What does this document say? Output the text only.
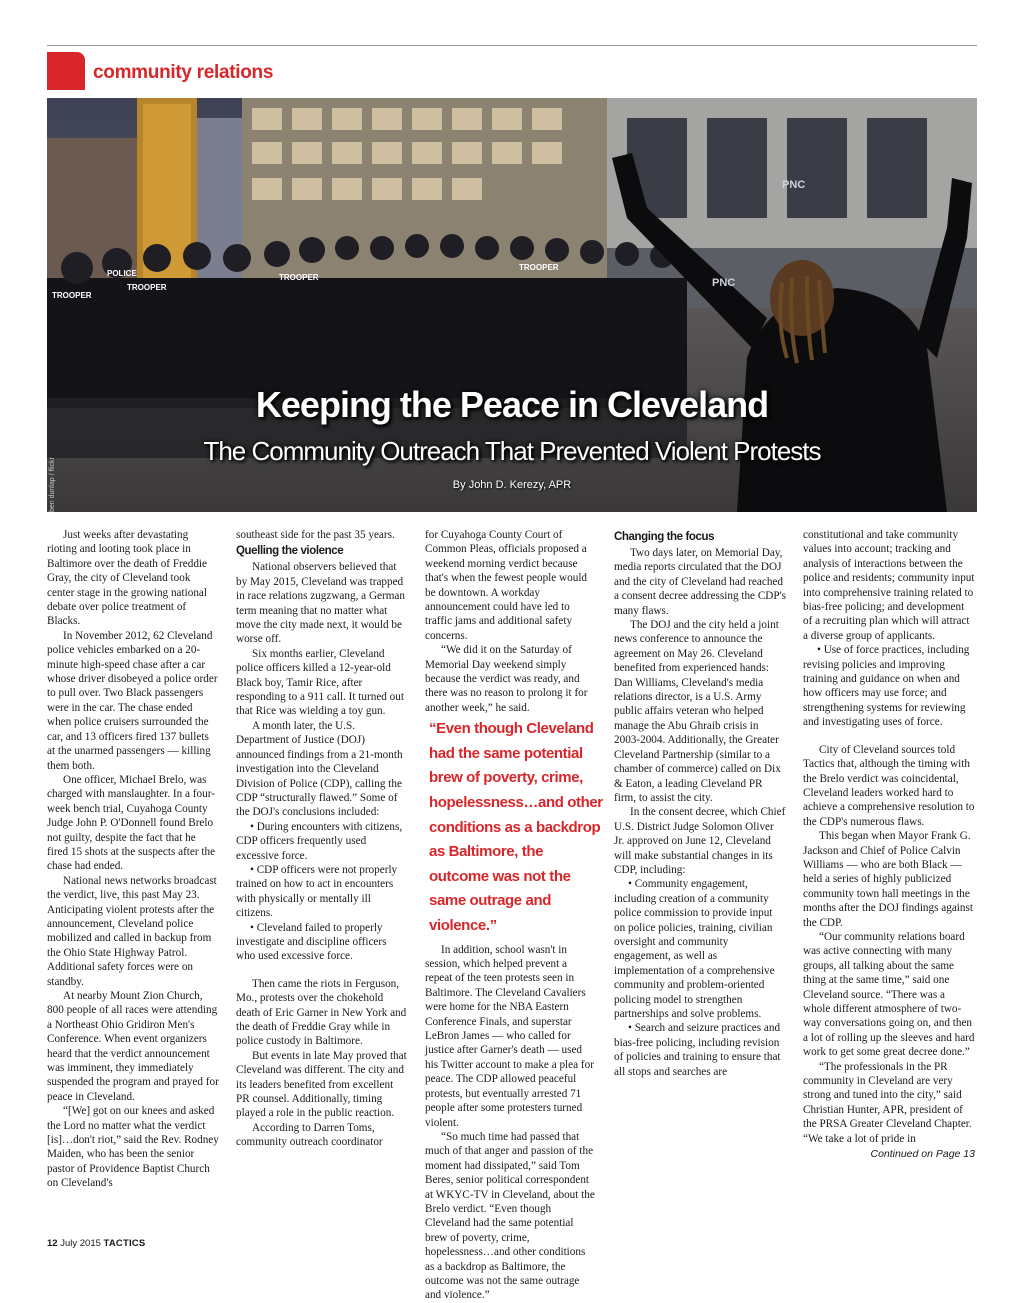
community relations
TROOPER
POLICE
TROOPER
TROOPER
TROOPER
PNC
PNC
Keeping the Peace in Cleveland
The Community Outreach That Prevented Violent Protests
By John D. Kerezy, APR
ben dunlap / flickr

Just weeks after devastating rioting and looting took place in Baltimore over the death of Freddie Gray, the city of Cleveland took center stage in the growing national debate over police treatment of Blacks.

In November 2012, 62 Cleveland police vehicles embarked on a 20-minute high-speed chase after a car whose driver disobeyed a police order to pull over. Two Black passengers were in the car. The chase ended when police cruisers surrounded the car, and 13 officers fired 137 bullets at the unarmed passengers — killing them both.

One officer, Michael Brelo, was charged with manslaughter. In a four-week bench trial, Cuyahoga County Judge John P. O'Donnell found Brelo not guilty, despite the fact that he fired 15 shots at the suspects after the chase had ended.

National news networks broadcast the verdict, live, this past May 23. Anticipating violent protests after the announcement, Cleveland police mobilized and called in backup from the Ohio State Highway Patrol. Additional safety forces were on standby.

At nearby Mount Zion Church, 800 people of all races were attending a Northeast Ohio Gridiron Men's Conference. When event organizers heard that the verdict announcement was imminent, they immediately suspended the program and prayed for peace in Cleveland.

“[We] got on our knees and asked the Lord no matter what the verdict [is]…don't riot,” said the Rev. Rodney Maiden, who has been the senior pastor of Providence Baptist Church on Cleveland's

southeast side for the past 35 years.

Quelling the violence

National observers believed that by May 2015, Cleveland was trapped in race relations zugzwang, a German term meaning that no matter what move the city made next, it would be worse off.

Six months earlier, Cleveland police officers killed a 12-year-old Black boy, Tamir Rice, after responding to a 911 call. It turned out that Rice was wielding a toy gun.

A month later, the U.S. Department of Justice (DOJ) announced findings from a 21-month investigation into the Cleveland Division of Police (CDP), calling the CDP “structurally flawed.” Some of the DOJ's conclusions included:

• During encounters with citizens, CDP officers frequently used excessive force.

• CDP officers were not properly trained on how to act in encounters with physically or mentally ill citizens.

• Cleveland failed to properly investigate and discipline officers who used excessive force.

Then came the riots in Ferguson, Mo., protests over the chokehold death of Eric Garner in New York and the death of Freddie Gray while in police custody in Baltimore.

But events in late May proved that Cleveland was different. The city and its leaders benefited from excellent PR counsel. Additionally, timing played a role in the public reaction.

According to Darren Toms, community outreach coordinator

for Cuyahoga County Court of Common Pleas, officials proposed a weekend morning verdict because that's when the fewest people would be downtown. A workday announcement could have led to traffic jams and additional safety concerns.

“We did it on the Saturday of Memorial Day weekend simply because the verdict was ready, and there was no reason to prolong it for another week,” he said.

“Even though Cleveland had the same potential brew of poverty, crime, hopelessness…and other conditions as a backdrop as Baltimore, the outcome was not the same outrage and violence.”

In addition, school wasn't in session, which helped prevent a repeat of the teen protests seen in Baltimore. The Cleveland Cavaliers were home for the NBA Eastern Conference Finals, and superstar LeBron James — who called for justice after Garner's death — used his Twitter account to make a plea for peace. The CDP allowed peaceful protests, but eventually arrested 71 people after some protesters turned violent.

“So much time had passed that much of that anger and passion of the moment had dissipated,” said Tom Beres, senior political correspondent at WKYC-TV in Cleveland, about the Brelo verdict. “Even though Cleveland had the same potential brew of poverty, crime, hopelessness…and other conditions as a backdrop as Baltimore, the outcome was not the same outrage and violence.”

Changing the focus

Two days later, on Memorial Day, media reports circulated that the DOJ and the city of Cleveland had reached a consent decree addressing the CDP's many flaws.

The DOJ and the city held a joint news conference to announce the agreement on May 26. Cleveland benefited from experienced hands: Dan Williams, Cleveland's media relations director, is a U.S. Army public affairs veteran who helped manage the Abu Ghraib crisis in 2003-2004. Additionally, the Greater Cleveland Partnership (similar to a chamber of commerce) called on Dix & Eaton, a leading Cleveland PR firm, to assist the city.

In the consent decree, which Chief U.S. District Judge Solomon Oliver Jr. approved on June 12, Cleveland will make substantial changes in its CDP, including:

• Community engagement, including creation of a community police commission to provide input on police policies, training, civilian oversight and community engagement, as well as implementation of a comprehensive community and problem-oriented policing model to strengthen partnerships and solve problems.

• Search and seizure practices and bias-free policing, including revision of policies and training to ensure that all stops and searches are

constitutional and take community values into account; tracking and analysis of interactions between the police and residents; community input into comprehensive training related to bias-free policing; and development of a recruiting plan which will attract a diverse group of applicants.

• Use of force practices, including revising policies and improving training and guidance on when and how officers may use force; and strengthening systems for reviewing and investigating uses of force.

City of Cleveland sources told Tactics that, although the timing with the Brelo verdict was coincidental, Cleveland leaders worked hard to achieve a comprehensive resolution to the CDP's numerous flaws.

This began when Mayor Frank G. Jackson and Chief of Police Calvin Williams — who are both Black — held a series of highly publicized community town hall meetings in the months after the DOJ findings against the CDP.

“Our community relations board was active connecting with many groups, all talking about the same thing at the same time,” said one Cleveland source. “There was a whole different atmosphere of two-way conversations going on, and then a lot of rolling up the sleeves and hard work to get some great decree done.”

“The professionals in the PR community in Cleveland are very strong and tuned into the city,” said Christian Hunter, APR, president of the PRSA Greater Cleveland Chapter. “We take a lot of pride in

Continued on Page 13
12 July 2015 TACTICS
